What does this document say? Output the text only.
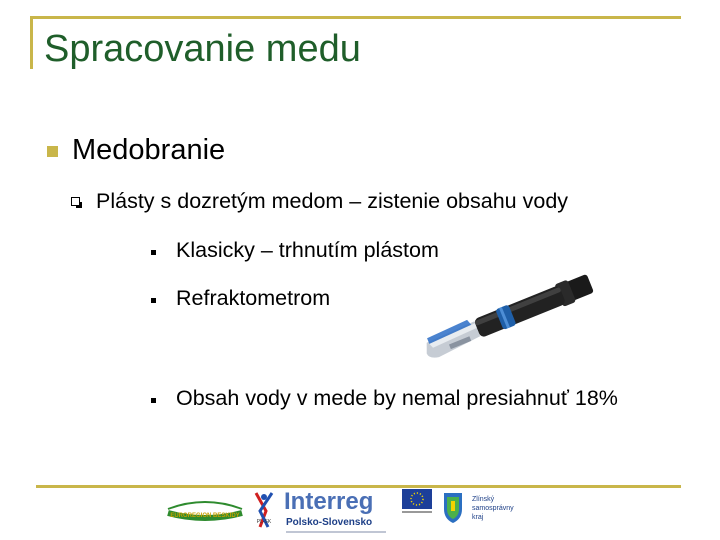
Spracovanie medu
Medobranie
Plásty s dozretým medom – zistenie obsahu vody
Klasicky – trhnutím plástom
Refraktometrom
Obsah vody v mede by nemal presiahnuť 18%
EUROREGION BESKIDY
PL-SK
Interreg
Polsko-Slovensko
Zlínský
samosprávny
kraj
